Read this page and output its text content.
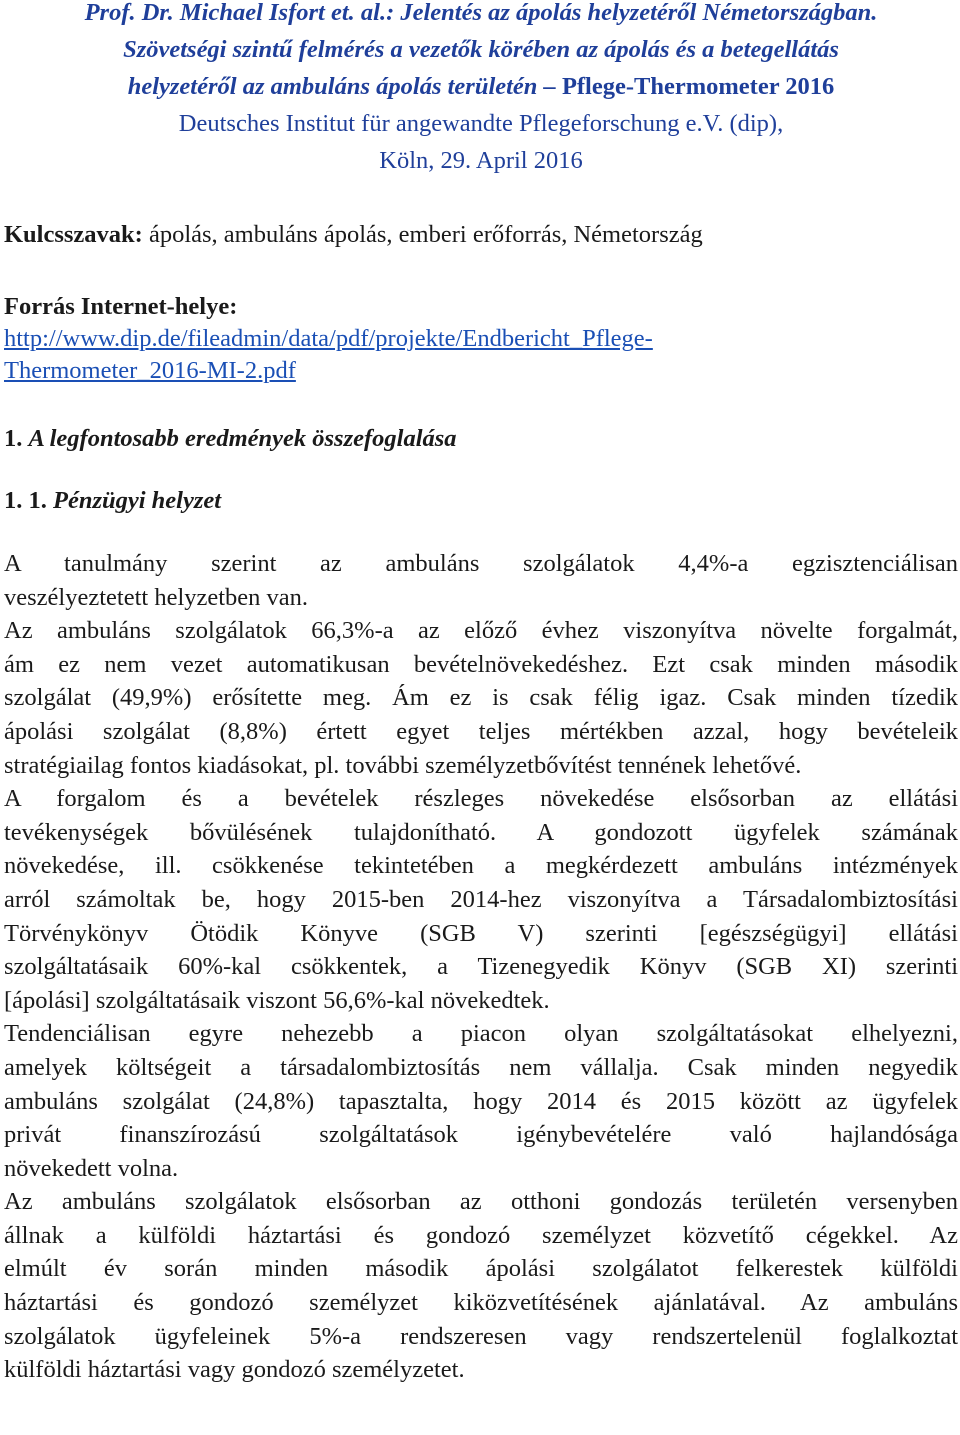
Prof. Dr. Michael Isfort et. al.: Jelentés az ápolás helyzetéről Németországban.
Szövetségi szintű felmérés a vezetők körében az ápolás és a betegellátás
helyzetéről az ambuláns ápolás területén – Pflege-Thermometer 2016
Deutsches Institut für angewandte Pflegeforschung e.V. (dip),
Köln, 29. April 2016
Kulcsszavak: ápolás, ambuláns ápolás, emberi erőforrás, Németország
Forrás Internet-helye:
http://www.dip.de/fileadmin/data/pdf/projekte/Endbericht_Pflege-
Thermometer_2016-MI-2.pdf
1. A legfontosabb eredmények összefoglalása
1. 1. Pénzügyi helyzet

A tanulmány szerint az ambuláns szolgálatok 4,4%-a egzisztenciálisan
veszélyeztetett helyzetben van.

Az ambuláns szolgálatok 66,3%-a az előző évhez viszonyítva növelte forgalmát,
ám ez nem vezet automatikusan bevételnövekedéshez. Ezt csak minden második
szolgálat (49,9%) erősítette meg. Ám ez is csak félig igaz. Csak minden tízedik
ápolási szolgálat (8,8%) értett egyet teljes mértékben azzal, hogy bevételeik
stratégiailag fontos kiadásokat, pl. további személyzetbővítést tennének lehetővé.

A forgalom és a bevételek részleges növekedése elsősorban az ellátási
tevékenységek bővülésének tulajdonítható. A gondozott ügyfelek számának
növekedése, ill. csökkenése tekintetében a megkérdezett ambuláns intézmények
arról számoltak be, hogy 2015-ben 2014-hez viszonyítva a Társadalombiztosítási
Törvénykönyv Ötödik Könyve (SGB V) szerinti [egészségügyi] ellátási
szolgáltatásaik 60%-kal csökkentek, a Tizenegyedik Könyv (SGB XI) szerinti
[ápolási] szolgáltatásaik viszont 56,6%-kal növekedtek.

Tendenciálisan egyre nehezebb a piacon olyan szolgáltatásokat elhelyezni,
amelyek költségeit a társadalombiztosítás nem vállalja. Csak minden negyedik
ambuláns szolgálat (24,8%) tapasztalta, hogy 2014 és 2015 között az ügyfelek
privát finanszírozású szolgáltatások igénybevételére való hajlandósága
növekedett volna.

Az ambuláns szolgálatok elsősorban az otthoni gondozás területén versenyben
állnak a külföldi háztartási és gondozó személyzet közvetítő cégekkel. Az
elmúlt év során minden második ápolási szolgálatot felkerestek külföldi
háztartási és gondozó személyzet kiközvetítésének ajánlatával. Az ambuláns
szolgálatok ügyfeleinek 5%-a rendszeresen vagy rendszertelenül foglalkoztat
külföldi háztartási vagy gondozó személyzetet.
